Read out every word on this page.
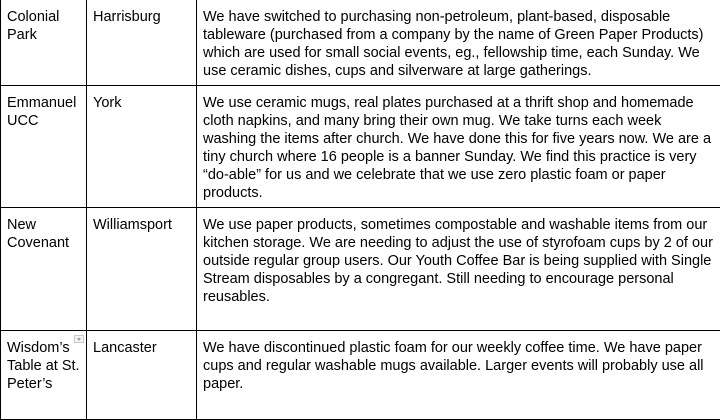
Colonial Park	Harrisburg	We have switched to purchasing non-petroleum, plant-based, disposable tableware (purchased from a company by the name of Green Paper Products) which are used for small social events, eg., fellowship time, each Sunday. We use ceramic dishes, cups and silverware at large gatherings.
Emmanuel UCC	York	We use ceramic mugs, real plates purchased at a thrift shop and homemade cloth napkins, and many bring their own mug. We take turns each week washing the items after church. We have done this for five years now. We are a tiny church where 16 people is a banner Sunday. We find this practice is very “do-able” for us and we celebrate that we use zero plastic foam or paper products.
New Covenant	Williamsport	We use paper products, sometimes compostable and washable items from our kitchen storage. We are needing to adjust the use of styrofoam cups by 2 of our outside regular group users. Our Youth Coffee Bar is being supplied with Single Stream disposables by a congregant. Still needing to encourage personal reusables.
Wisdom’s Table at St. Peter’s	Lancaster	We have discontinued plastic foam for our weekly coffee time. We have paper cups and regular washable mugs available. Larger events will probably use all paper.
